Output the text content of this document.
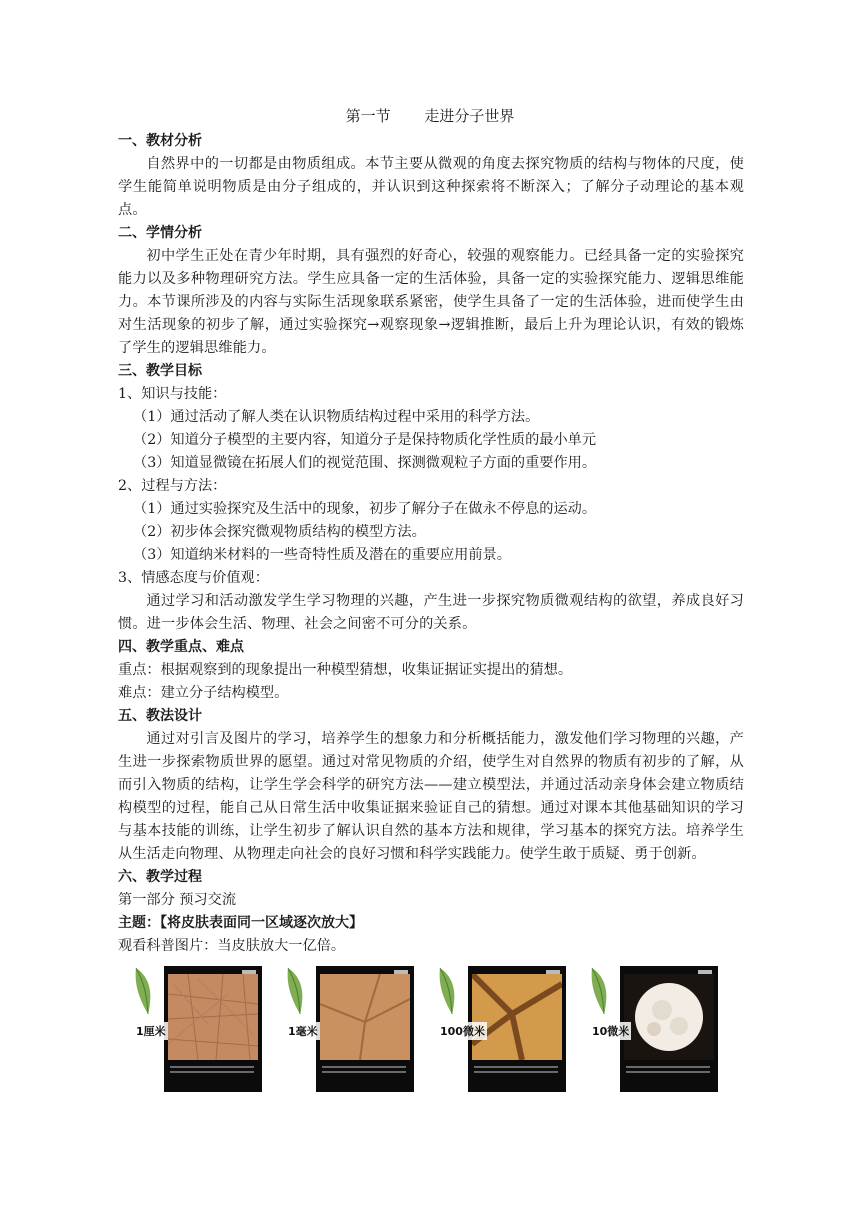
第一节　 走进分子世界
一、教材分析
自然界中的一切都是由物质组成。本节主要从微观的角度去探究物质的结构与物体的尺度，使学生能简单说明物质是由分子组成的，并认识到这种探索将不断深入；了解分子动理论的基本观点。
二、学情分析
初中学生正处在青少年时期，具有强烈的好奇心，较强的观察能力。已经具备一定的实验探究能力以及多种物理研究方法。学生应具备一定的生活体验，具备一定的实验探究能力、逻辑思维能力。本节课所涉及的内容与实际生活现象联系紧密，使学生具备了一定的生活体验，进而使学生由对生活现象的初步了解，通过实验探究→观察现象→逻辑推断，最后上升为理论认识，有效的锻炼了学生的逻辑思维能力。
三、教学目标
1、知识与技能：
（1）通过活动了解人类在认识物质结构过程中采用的科学方法。
（2）知道分子模型的主要内容，知道分子是保持物质化学性质的最小单元
（3）知道显微镜在拓展人们的视觉范围、探测微观粒子方面的重要作用。
2、过程与方法：
（1）通过实验探究及生活中的现象，初步了解分子在做永不停息的运动。
（2）初步体会探究微观物质结构的模型方法。
（3）知道纳米材料的一些奇特性质及潜在的重要应用前景。
3、情感态度与价值观：
通过学习和活动激发学生学习物理的兴趣，产生进一步探究物质微观结构的欲望，养成良好习惯。进一步体会生活、物理、社会之间密不可分的关系。
四、教学重点、难点
重点：根据观察到的现象提出一种模型猜想，收集证据证实提出的猜想。
难点：建立分子结构模型。
五、教法设计
通过对引言及图片的学习，培养学生的想象力和分析概括能力，激发他们学习物理的兴趣，产生进一步探索物质世界的愿望。通过对常见物质的介绍，使学生对自然界的物质有初步的了解，从而引入物质的结构，让学生学会科学的研究方法——建立模型法，并通过活动亲身体会建立物质结构模型的过程，能自己从日常生活中收集证据来验证自己的猜想。通过对课本其他基础知识的学习与基本技能的训练，让学生初步了解认识自然的基本方法和规律，学习基本的探究方法。培养学生从生活走向物理、从物理走向社会的良好习惯和科学实践能力。使学生敢于质疑、勇于创新。
六、教学过程
第一部分 预习交流
主题：【将皮肤表面同一区域逐次放大】
观看科普图片：当皮肤放大一亿倍。
1厘米	1毫米	100微米	10微米
